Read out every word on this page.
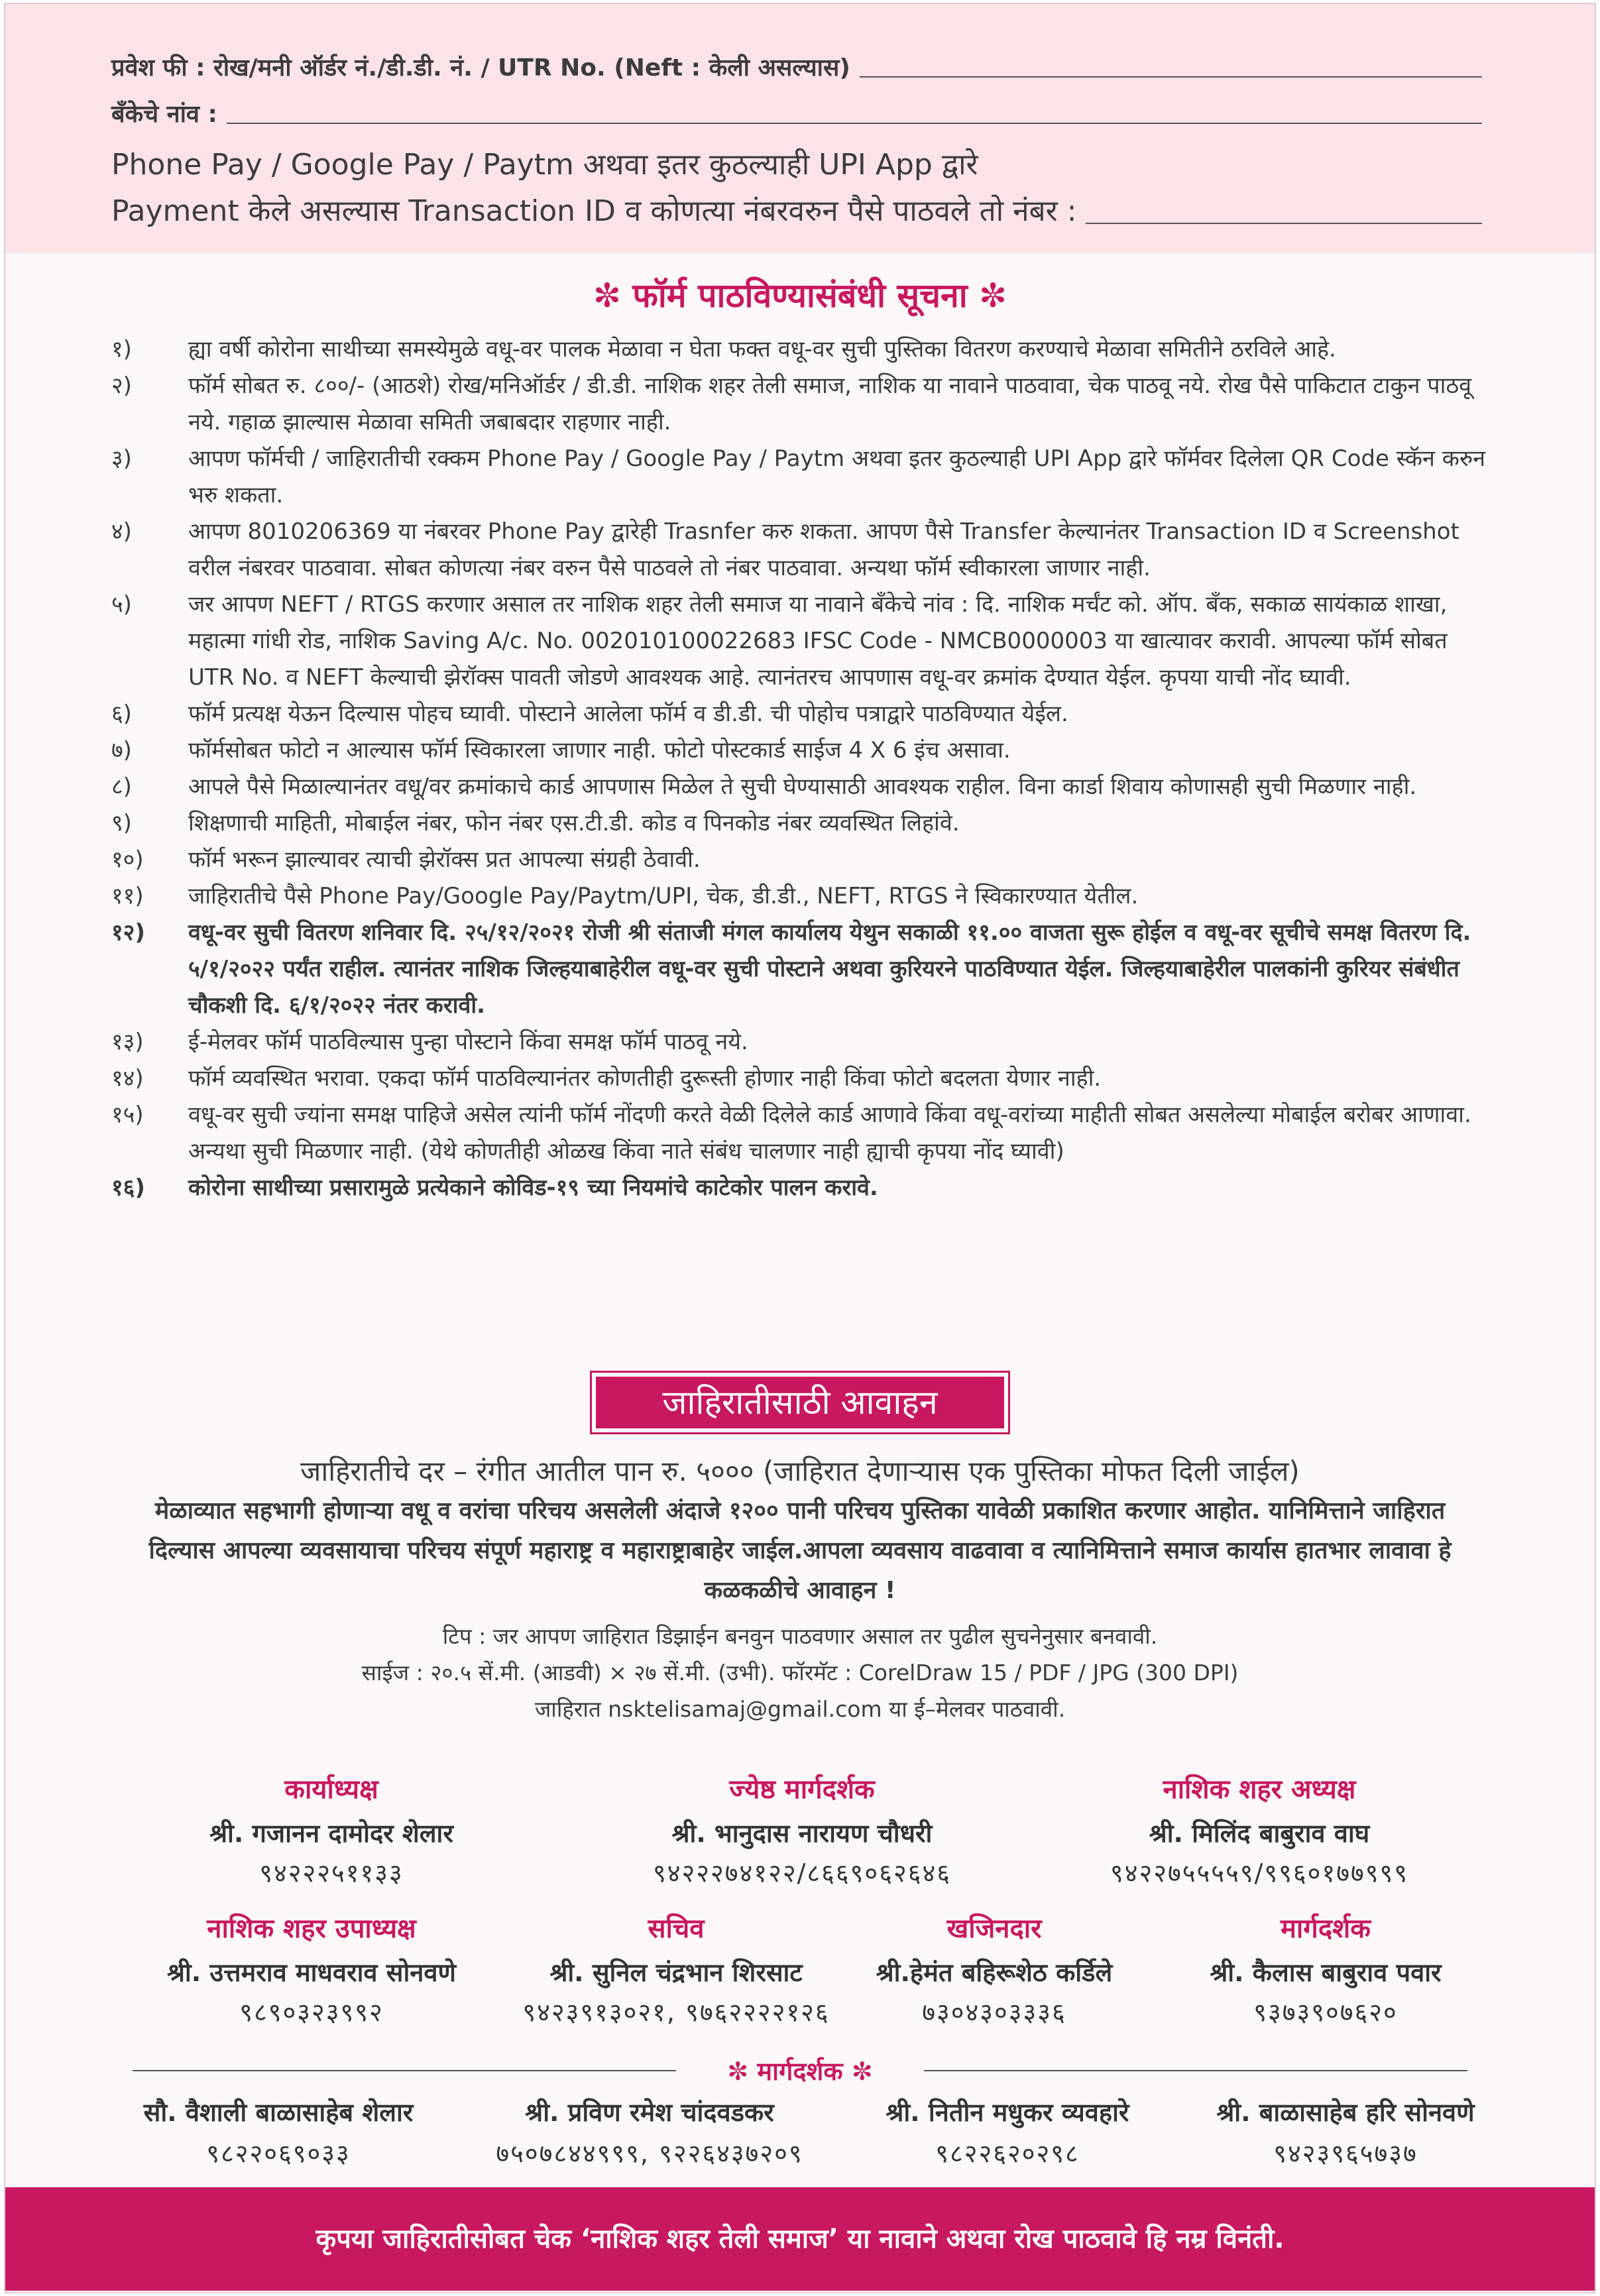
प्रवेश फी : रोख/मनी ऑर्डर नं./डी.डी. नं. / UTR No. (Neft : केली असल्यास)
बँकेचे नांव :
Phone Pay / Google Pay / Paytm अथवा इतर कुठल्याही UPI App द्वारे
Payment केले असल्यास Transaction ID व कोणत्या नंबरवरुन पैसे पाठवले तो नंबर :
✼ फॉर्म पाठविण्यासंबंधी सूचना ✼
१)	ह्या वर्षी कोरोना साथीच्या समस्येमुळे वधू-वर पालक मेळावा न घेता फक्त वधू-वर सुची पुस्तिका वितरण करण्याचे मेळावा समितीने ठरविले आहे.
२)	फॉर्म सोबत रु. ८००/- (आठशे) रोख/मनिऑर्डर / डी.डी. नाशिक शहर तेली समाज, नाशिक या नावाने पाठवावा, चेक पाठवू नये. रोख पैसे पाकिटात टाकुन पाठवू नये. गहाळ झाल्यास मेळावा समिती जबाबदार राहणार नाही.
३)	आपण फॉर्मची / जाहिरातीची रक्कम Phone Pay / Google Pay / Paytm अथवा इतर कुठल्याही UPI App द्वारे फॉर्मवर दिलेला QR Code स्कॅन करुन भरु शकता.
४)	आपण 8010206369 या नंबरवर Phone Pay द्वारेही Trasnfer करु शकता. आपण पैसे Transfer केल्यानंतर Transaction ID व Screenshot वरील नंबरवर पाठवावा. सोबत कोणत्या नंबर वरुन पैसे पाठवले तो नंबर पाठवावा. अन्यथा फॉर्म स्वीकारला जाणार नाही.
५)	जर आपण NEFT / RTGS करणार असाल तर नाशिक शहर तेली समाज या नावाने बँकेचे नांव : दि. नाशिक मर्चंट को. ऑप. बँक, सकाळ सायंकाळ शाखा, महात्मा गांधी रोड, नाशिक Saving A/c. No. 002010100022683 IFSC Code - NMCB0000003 या खात्यावर करावी. आपल्या फॉर्म सोबत UTR No. व NEFT केल्याची झेरॉक्स पावती जोडणे आवश्यक आहे. त्यानंतरच आपणास वधू-वर क्रमांक देण्यात येईल. कृपया याची नोंद घ्यावी.
६)	फॉर्म प्रत्यक्ष येऊन दिल्यास पोहच घ्यावी. पोस्टाने आलेला फॉर्म व डी.डी. ची पोहोच पत्राद्वारे पाठविण्यात येईल.
७)	फॉर्मसोबत फोटो न आल्यास फॉर्म स्विकारला जाणार नाही. फोटो पोस्टकार्ड साईज 4 X 6 इंच असावा.
८)	आपले पैसे मिळाल्यानंतर वधू/वर क्रमांकाचे कार्ड आपणास मिळेल ते सुची घेण्यासाठी आवश्यक राहील. विना कार्डा शिवाय कोणासही सुची मिळणार नाही.
९)	शिक्षणाची माहिती, मोबाईल नंबर, फोन नंबर एस.टी.डी. कोड व पिनकोड नंबर व्यवस्थित लिहांवे.
१०)	फॉर्म भरून झाल्यावर त्याची झेरॉक्स प्रत आपल्या संग्रही ठेवावी.
११)	जाहिरातीचे पैसे Phone Pay/Google Pay/Paytm/UPI, चेक, डी.डी., NEFT, RTGS ने स्विकारण्यात येतील.
१२)	वधू-वर सुची वितरण शनिवार दि. २५/१२/२०२१ रोजी श्री संताजी मंगल कार्यालय येथुन सकाळी ११.०० वाजता सुरू होईल व वधू-वर सूचीचे समक्ष वितरण दि. ५/१/२०२२ पर्यंत राहील. त्यानंतर नाशिक जिल्हयाबाहेरील वधू-वर सुची पोस्टाने अथवा कुरियरने पाठविण्यात येईल. जिल्हयाबाहेरील पालकांनी कुरियर संबंधीत चौकशी दि. ६/१/२०२२ नंतर करावी.
१३)	ई-मेलवर फॉर्म पाठविल्यास पुन्हा पोस्टाने किंवा समक्ष फॉर्म पाठवू नये.
१४)	फॉर्म व्यवस्थित भरावा. एकदा फॉर्म पाठविल्यानंतर कोणतीही दुरूस्ती होणार नाही किंवा फोटो बदलता येणार नाही.
१५)	वधू-वर सुची ज्यांना समक्ष पाहिजे असेल त्यांनी फॉर्म नोंदणी करते वेळी दिलेले कार्ड आणावे किंवा वधू-वरांच्या माहीती सोबत असलेल्या मोबाईल बरोबर आणावा. अन्यथा सुची मिळणार नाही. (येथे कोणतीही ओळख किंवा नाते संबंध चालणार नाही ह्याची कृपया नोंद घ्यावी)
१६)	कोरोना साथीच्या प्रसारामुळे प्रत्येकाने कोविड-१९ च्या नियमांचे काटेकोर पालन करावे.
जाहिरातीसाठी आवाहन
जाहिरातीचे दर – रंगीत आतील पान रु. ५००० (जाहिरात देणाऱ्यास एक पुस्तिका मोफत दिली जाईल)
मेळाव्यात सहभागी होणाऱ्या वधू व वरांचा परिचय असलेली अंदाजे १२०० पानी परिचय पुस्तिका यावेळी प्रकाशित करणार आहोत. यानिमित्ताने जाहिरात दिल्यास आपल्या व्यवसायाचा परिचय संपूर्ण महाराष्ट्र व महाराष्ट्राबाहेर जाईल.आपला व्यवसाय वाढवावा व त्यानिमित्ताने समाज कार्यास हातभार लावावा हे कळकळीचे आवाहन !
टिप : जर आपण जाहिरात डिझाईन बनवुन पाठवणार असाल तर पुढील सुचनेनुसार बनवावी.
साईज : २०.५ सें.मी. (आडवी) × २७ सें.मी. (उभी). फॉरमॅट : CorelDraw 15 / PDF / JPG (300 DPI)
जाहिरात nsktelisamaj@gmail.com या ई–मेलवर पाठवावी.
कार्याध्यक्ष
श्री. गजानन दामोदर शेलार
९४२२२५११३३
ज्येष्ठ मार्गदर्शक
श्री. भानुदास नारायण चौधरी
९४२२२७४१२२/८६६९०६२६४६
नाशिक शहर अध्यक्ष
श्री. मिलिंद बाबुराव वाघ
९४२२७५५५५९/९९६०१७७९९९
नाशिक शहर उपाध्यक्ष
श्री. उत्तमराव माधवराव सोनवणे
९८९०३२३९९२
सचिव
श्री. सुनिल चंद्रभान शिरसाट
९४२३९१३०२१, ९७६२२२२१२६
खजिनदार
श्री.हेमंत बहिरूशेठ कर्डिले
७३०४३०३३३६
मार्गदर्शक
श्री. कैलास बाबुराव पवार
९३७३९०७६२०
✼ मार्गदर्शक ✼
सौ. वैशाली बाळासाहेब शेलार
९८२२०६९०३३
श्री. प्रविण रमेश चांदवडकर
७५०७८४४९९९, ९२२६४३७२०९
श्री. नितीन मधुकर व्यवहारे
९८२२६२०२९८
श्री. बाळासाहेब हरि सोनवणे
९४२३९६५७३७
कृपया जाहिरातीसोबत चेक ‘नाशिक शहर तेली समाज’ या नावाने अथवा रोख पाठवावे हि नम्र विनंती.
